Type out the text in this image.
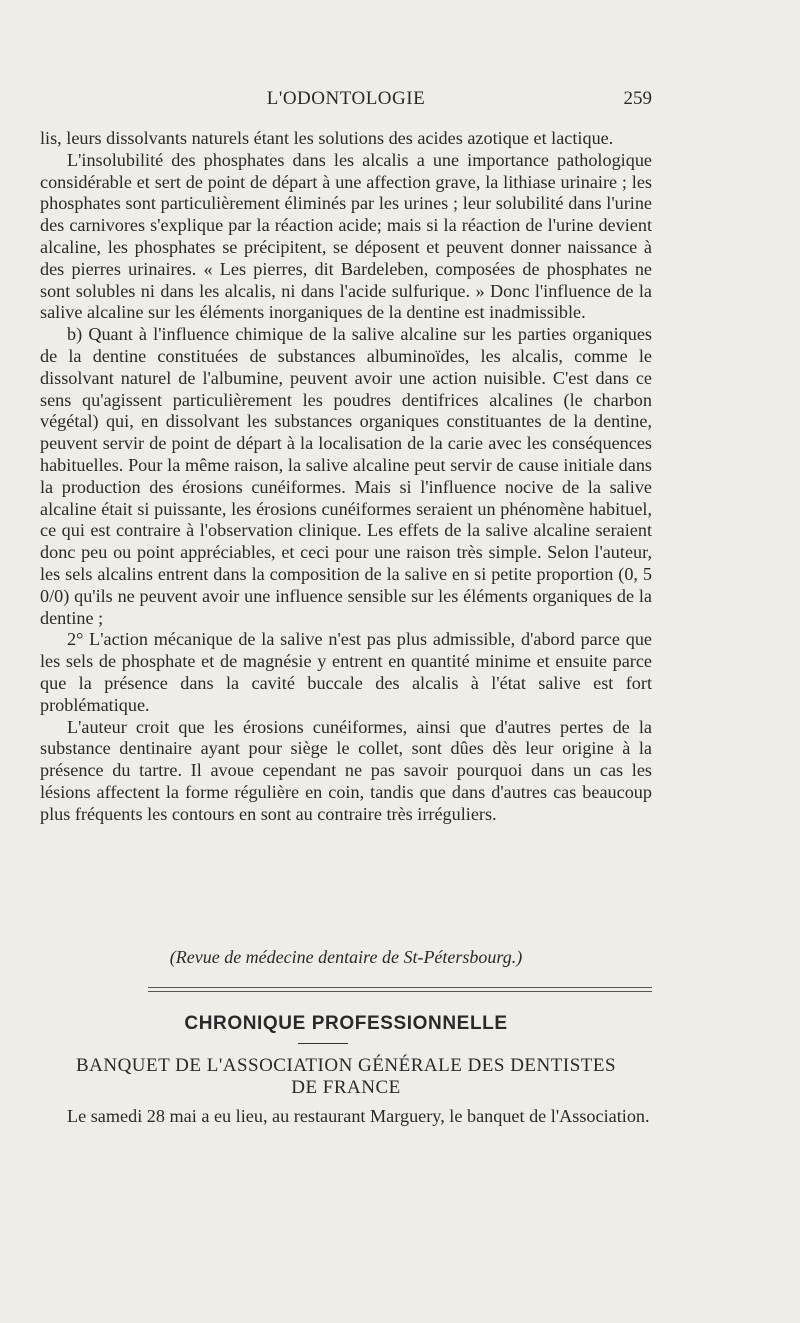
L'ODONTOLOGIE	259

lis, leurs dissolvants naturels étant les solutions des acides azotique et lactique.

L'insolubilité des phosphates dans les alcalis a une importance pathologique considérable et sert de point de départ à une affection grave, la lithiase urinaire ; les phosphates sont particulièrement éliminés par les urines ; leur solubilité dans l'urine des carnivores s'explique par la réaction acide; mais si la réaction de l'urine devient alcaline, les phosphates se précipitent, se déposent et peuvent donner naissance à des pierres urinaires. « Les pierres, dit Bardeleben, composées de phosphates ne sont solubles ni dans les alcalis, ni dans l'acide sulfurique. » Donc l'influence de la salive alcaline sur les éléments inorganiques de la dentine est inadmissible.

b) Quant à l'influence chimique de la salive alcaline sur les parties organiques de la dentine constituées de substances albuminoïdes, les alcalis, comme le dissolvant naturel de l'albumine, peuvent avoir une action nuisible. C'est dans ce sens qu'agissent particulièrement les poudres dentifrices alcalines (le charbon végétal) qui, en dissolvant les substances organiques constituantes de la dentine, peuvent servir de point de départ à la localisation de la carie avec les conséquences habituelles. Pour la même raison, la salive alcaline peut servir de cause initiale dans la production des érosions cunéiformes. Mais si l'influence nocive de la salive alcaline était si puissante, les érosions cunéiformes seraient un phénomène habituel, ce qui est contraire à l'observation clinique. Les effets de la salive alcaline seraient donc peu ou point appréciables, et ceci pour une raison très simple. Selon l'auteur, les sels alcalins entrent dans la composition de la salive en si petite proportion (0, 5 0/0) qu'ils ne peuvent avoir une influence sensible sur les éléments organiques de la dentine ;

2° L'action mécanique de la salive n'est pas plus admissible, d'abord parce que les sels de phosphate et de magnésie y entrent en quantité minime et ensuite parce que la présence dans la cavité buccale des alcalis à l'état salive est fort problématique.

L'auteur croit que les érosions cunéiformes, ainsi que d'autres pertes de la substance dentinaire ayant pour siège le collet, sont dûes dès leur origine à la présence du tartre. Il avoue cependant ne pas savoir pourquoi dans un cas les lésions affectent la forme régulière en coin, tandis que dans d'autres cas beaucoup plus fréquents les contours en sont au contraire très irréguliers.

(Revue de médecine dentaire de St-Pétersbourg.)
CHRONIQUE PROFESSIONNELLE
BANQUET DE L'ASSOCIATION GÉNÉRALE DES DENTISTES
DE FRANCE

Le samedi 28 mai a eu lieu, au restaurant Marguery, le banquet de l'Association.
